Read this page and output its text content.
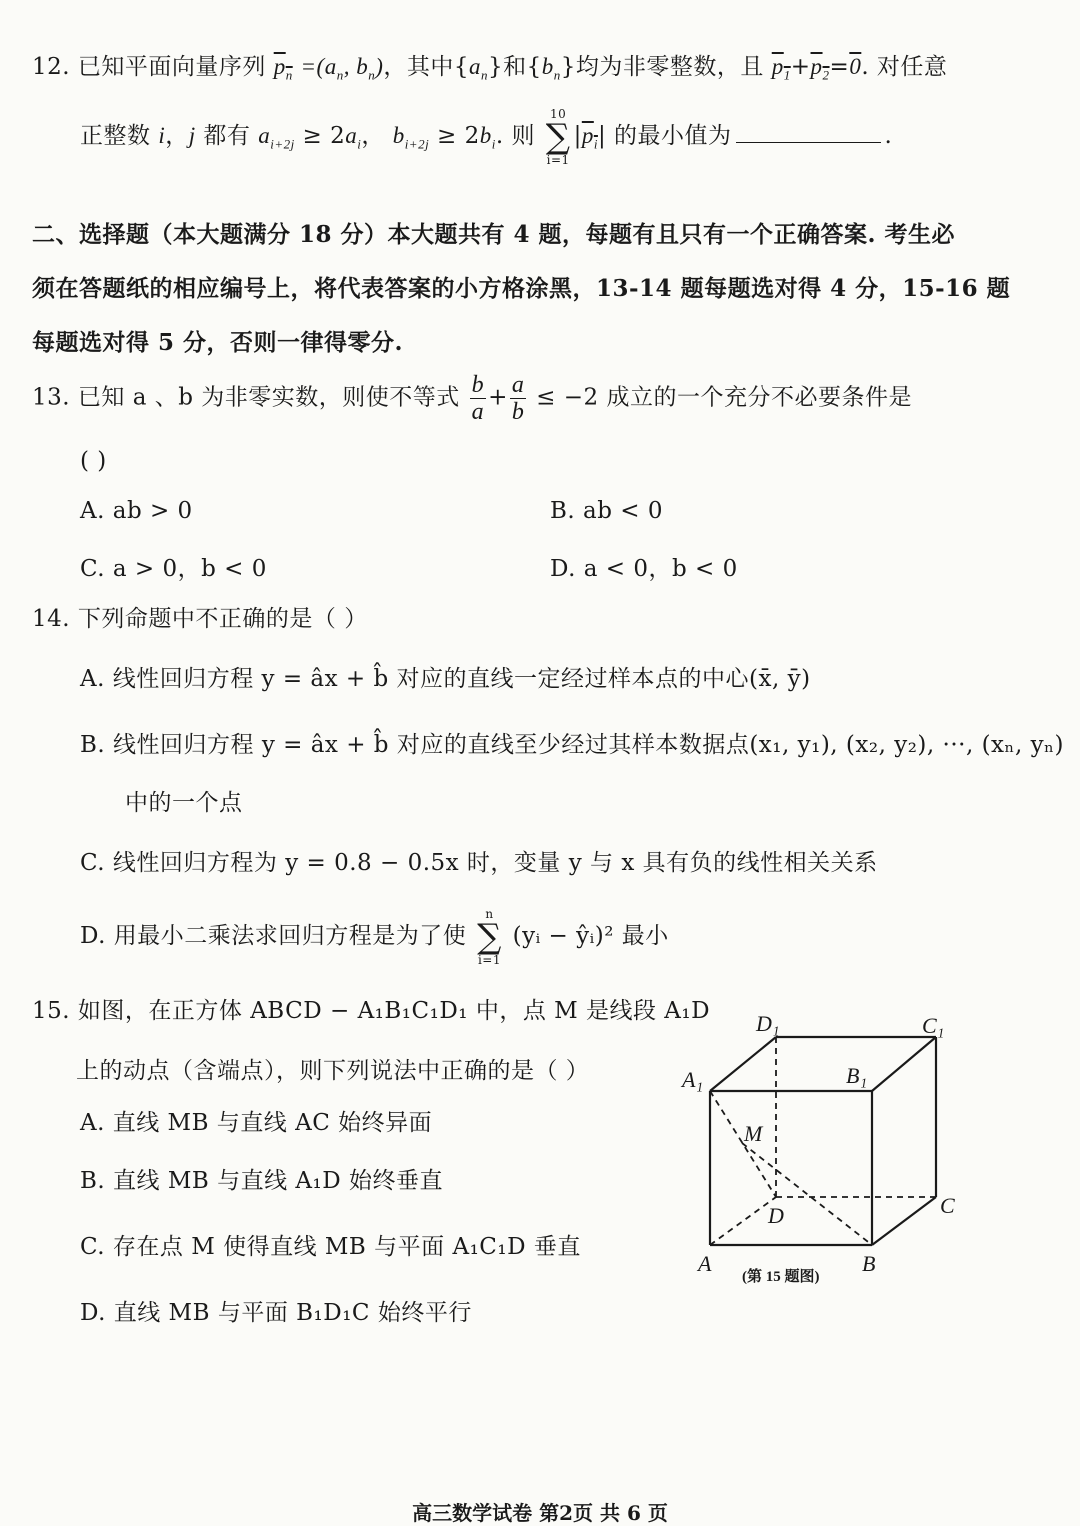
12. 已知平面向量序列 $p_n =(a_n$, $b_n$)，其中$\{a_n\}$和$\{b_n\}$均为非零整数，且 $p_1+p_2=0$. 对任意
正整数 i，j 都有 $a_{i+2j} \ge 2a_i$， $b_{i+2j} \ge 2b_i$. 则
10
∑
i=1
$|p_i|$ 的最小值为	.
二、选择题（本大题满分 18 分）本大题共有 4 题，每题有且只有一个正确答案. 考生必
须在答题纸的相应编号上，将代表答案的小方格涂黑，13-14 题每题选对得 4 分，15-16 题
每题选对得 5 分，否则一律得零分.
13. 已知 a 、b 为非零实数，则使不等式 $\frac{b}{a} + \frac{a}{b} \le -2$ 成立的一个充分不必要条件是
( )
A. ab > 0	B. ab < 0
C. a > 0，b < 0	D. a < 0，b < 0
14. 下列命题中不正确的是（ ）
A. 线性回归方程 y = âx + b̂ 对应的直线一定经过样本点的中心(x̄, ȳ)
B. 线性回归方程 y = âx + b̂ 对应的直线至少经过其样本数据点(x₁, y₁), (x₂, y₂), ···, (xₙ, yₙ)
中的一个点
C. 线性回归方程为 y = 0.8 − 0.5x 时，变量 y 与 x 具有负的线性相关关系
D. 用最小二乘法求回归方程是为了使
n
∑
i=1
(yᵢ − ŷᵢ)² 最小
15. 如图，在正方体 ABCD − A₁B₁C₁D₁ 中，点 M 是线段 A₁D
上的动点（含端点），则下列说法中正确的是（ ）
A. 直线 MB 与直线 AC 始终异面
B. 直线 MB 与直线 A₁D 始终垂直
C. 存在点 M 使得直线 MB 与平面 A₁C₁D 垂直
D. 直线 MB 与平面 B₁D₁C 始终平行
D₁	C₁
A₁	B₁
M
D	C
A	B
(第 15 题图)
高三数学试卷 第2页 共 6 页
